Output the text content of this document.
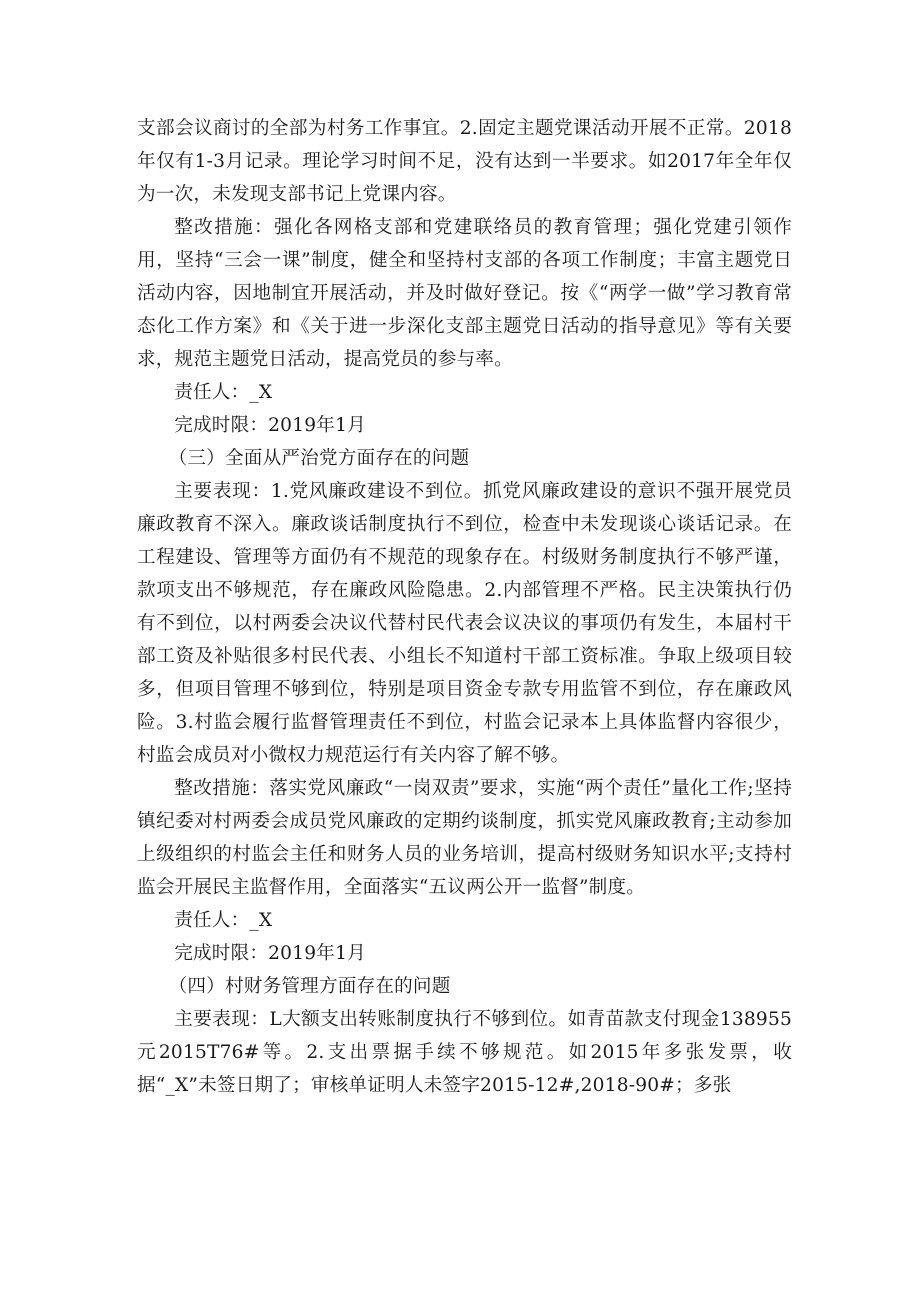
支部会议商讨的全部为村务工作事宜。2.固定主题党课活动开展不正常。2018年仅有1-3月记录。理论学习时间不足，没有达到一半要求。如2017年全年仅为一次，未发现支部书记上党课内容。

整改措施：强化各网格支部和党建联络员的教育管理；强化党建引领作用，坚持“三会一课”制度，健全和坚持村支部的各项工作制度；丰富主题党日活动内容，因地制宜开展活动，并及时做好登记。按《“两学一做”学习教育常态化工作方案》和《关于进一步深化支部主题党日活动的指导意见》等有关要求，规范主题党日活动，提高党员的参与率。

责任人：_X

完成时限：2019年1月

（三）全面从严治党方面存在的问题

主要表现：1.党风廉政建设不到位。抓党风廉政建设的意识不强开展党员廉政教育不深入。廉政谈话制度执行不到位，检查中未发现谈心谈话记录。在工程建设、管理等方面仍有不规范的现象存在。村级财务制度执行不够严谨，款项支出不够规范，存在廉政风险隐患。2.内部管理不严格。民主决策执行仍有不到位，以村两委会决议代替村民代表会议决议的事项仍有发生，本届村干部工资及补贴很多村民代表、小组长不知道村干部工资标准。争取上级项目较多，但项目管理不够到位，特别是项目资金专款专用监管不到位，存在廉政风险。3.村监会履行监督管理责任不到位，村监会记录本上具体监督内容很少，村监会成员对小微权力规范运行有关内容了解不够。

整改措施：落实党风廉政“一岗双责”要求，实施“两个责任”量化工作;坚持镇纪委对村两委会成员党风廉政的定期约谈制度，抓实党风廉政教育;主动参加上级组织的村监会主任和财务人员的业务培训，提高村级财务知识水平;支持村监会开展民主监督作用，全面落实“五议两公开一监督”制度。

责任人：_X

完成时限：2019年1月

（四）村财务管理方面存在的问题

主要表现：L大额支出转账制度执行不够到位。如青苗款支付现金138955元2015T76#等。2.支出票据手续不够规范。如2015年多张发票，收据“_X”未签日期了；审核单证明人未签字2015-12#,2018-90#；多张
